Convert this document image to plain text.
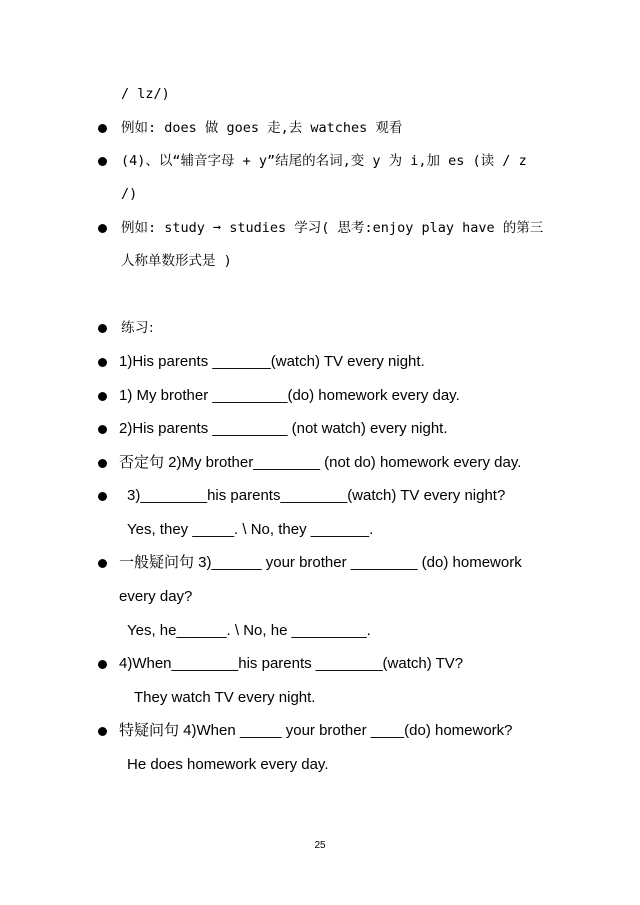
/ lz/)
例如: does 做 goes 走,去 watches 观看
(4)、以“辅音字母 + y”结尾的名词,变 y 为 i,加 es (读 / z
/)
例如: study ➞ studies 学习( 思考:enjoy play have 的第三
人称单数形式是 )
练习:
1)His parents _______(watch) TV every night.
1) My brother _________(do) homework every day.
2)His parents _________ (not watch) every night.
否定句 2)My brother________ (not do) homework every day.
3)________his parents________(watch) TV every night?
Yes, they _____. \ No, they _______.
一般疑问句 3)______ your brother ________ (do) homework
every day?
Yes, he______. \ No, he _________.
4)When________his parents ________(watch) TV?
They watch TV every night.
特疑问句 4)When _____ your brother ____(do) homework?
He does homework every day.
25
